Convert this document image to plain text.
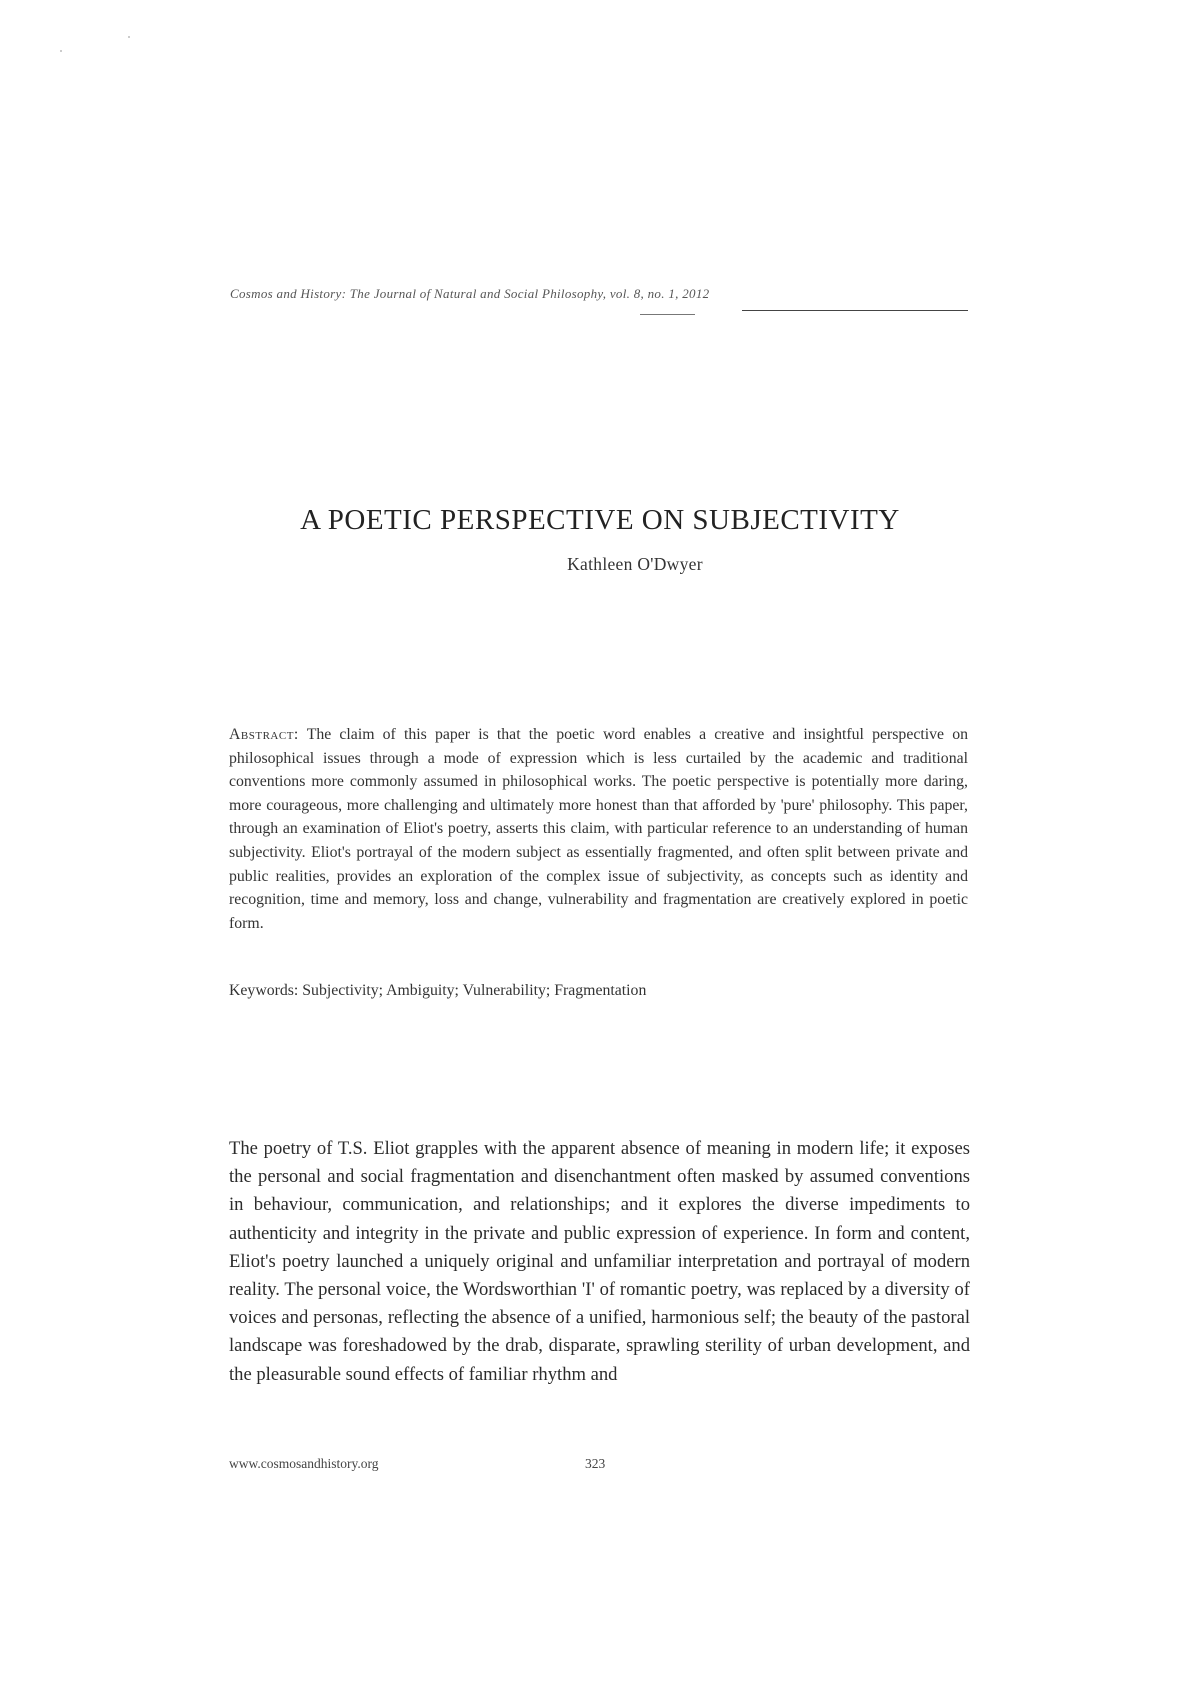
Cosmos and History: The Journal of Natural and Social Philosophy, vol. 8, no. 1, 2012
A POETIC PERSPECTIVE ON SUBJECTIVITY
Kathleen O'Dwyer
Abstract: The claim of this paper is that the poetic word enables a creative and insightful perspective on philosophical issues through a mode of expression which is less curtailed by the academic and traditional conventions more commonly assumed in philosophical works. The poetic perspective is potentially more daring, more courageous, more challenging and ultimately more honest than that afforded by 'pure' philosophy. This paper, through an examination of Eliot's poetry, asserts this claim, with particular reference to an understanding of human subjectivity. Eliot's portrayal of the modern subject as essentially fragmented, and often split between private and public realities, provides an exploration of the complex issue of subjectivity, as concepts such as identity and recognition, time and memory, loss and change, vulnerability and fragmentation are creatively explored in poetic form.
Keywords: Subjectivity; Ambiguity; Vulnerability; Fragmentation
The poetry of T.S. Eliot grapples with the apparent absence of meaning in modern life; it exposes the personal and social fragmentation and disenchantment often masked by assumed conventions in behaviour, communication, and relationships; and it explores the diverse impediments to authenticity and integrity in the private and public expression of experience. In form and content, Eliot's poetry launched a uniquely original and unfamiliar interpretation and portrayal of modern reality. The personal voice, the Wordsworthian 'I' of romantic poetry, was replaced by a diversity of voices and personas, reflecting the absence of a unified, harmonious self; the beauty of the pastoral landscape was foreshadowed by the drab, disparate, sprawling sterility of urban development, and the pleasurable sound effects of familiar rhythm and
www.cosmosandhistory.org	323
